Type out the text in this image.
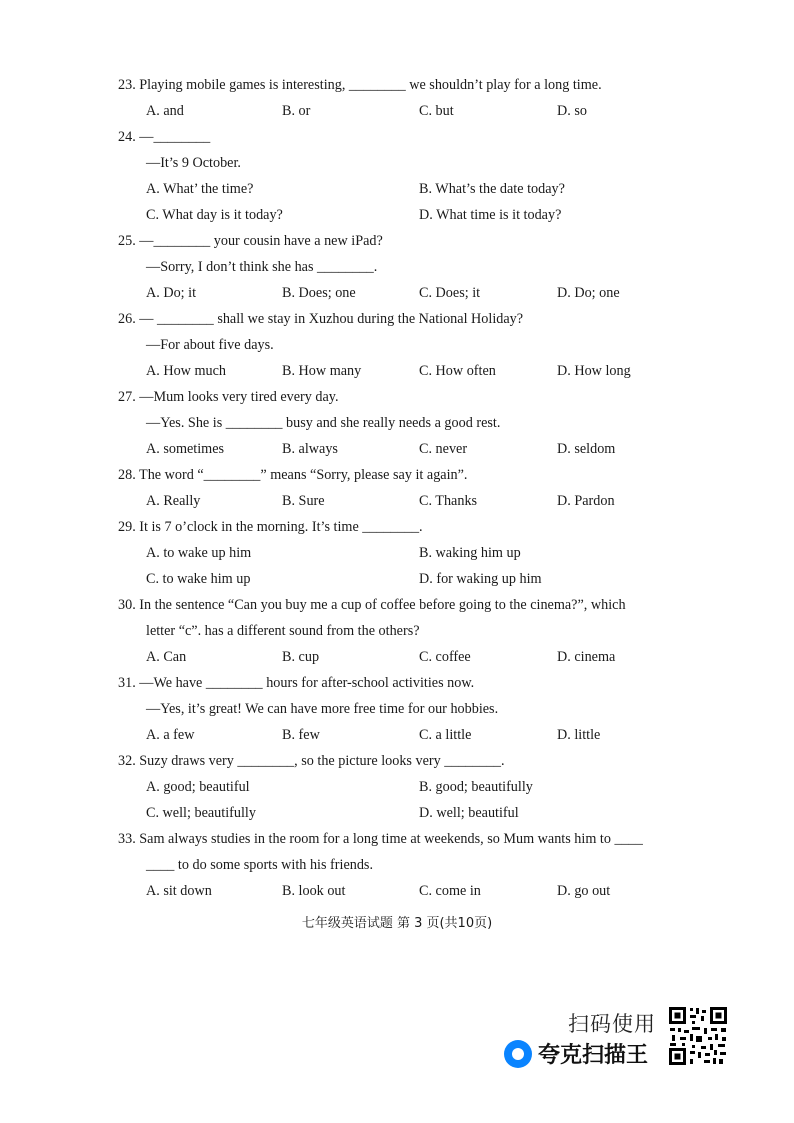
23. Playing mobile games is interesting, ________ we shouldn’t play for a long time.
A. and	B. or	C. but	D. so
24. —________
—It’s 9 October.
A. What’ the time?	B. What’s the date today?
C. What day is it today?	D. What time is it today?
25. —________ your cousin have a new iPad?
—Sorry, I don’t think she has ________.
A. Do; it	B. Does; one	C. Does; it	D. Do; one
26. — ________ shall we stay in Xuzhou during the National Holiday?
—For about five days.
A. How much	B. How many	C. How often	D. How long
27. —Mum looks very tired every day.
—Yes. She is ________ busy and she really needs a good rest.
A. sometimes	B. always	C. never	D. seldom
28. The word “________” means “Sorry, please say it again”.
A. Really	B. Sure	C. Thanks	D. Pardon
29. It is 7 o’clock in the morning. It’s time ________.
A. to wake up him	B. waking him up
C. to wake him up	D. for waking up him
30. In the sentence “Can you buy me a cup of coffee before going to the cinema?”, which
letter “c”. has a different sound from the others?
A. Can	B. cup	C. coffee	D. cinema
31. —We have ________ hours for after-school activities now.
—Yes, it’s great! We can have more free time for our hobbies.
A. a few	B. few	C. a little	D. little
32. Suzy draws very ________, so the picture looks very ________.
A. good; beautiful	B. good; beautifully
C. well; beautifully	D. well; beautiful
33. Sam always studies in the room for a long time at weekends, so Mum wants him to ____
____ to do some sports with his friends.
A. sit down	B. look out	C. come in	D. go out
七年级英语试题 第 3 页(共10页)
扫码使用
夸克扫描王
